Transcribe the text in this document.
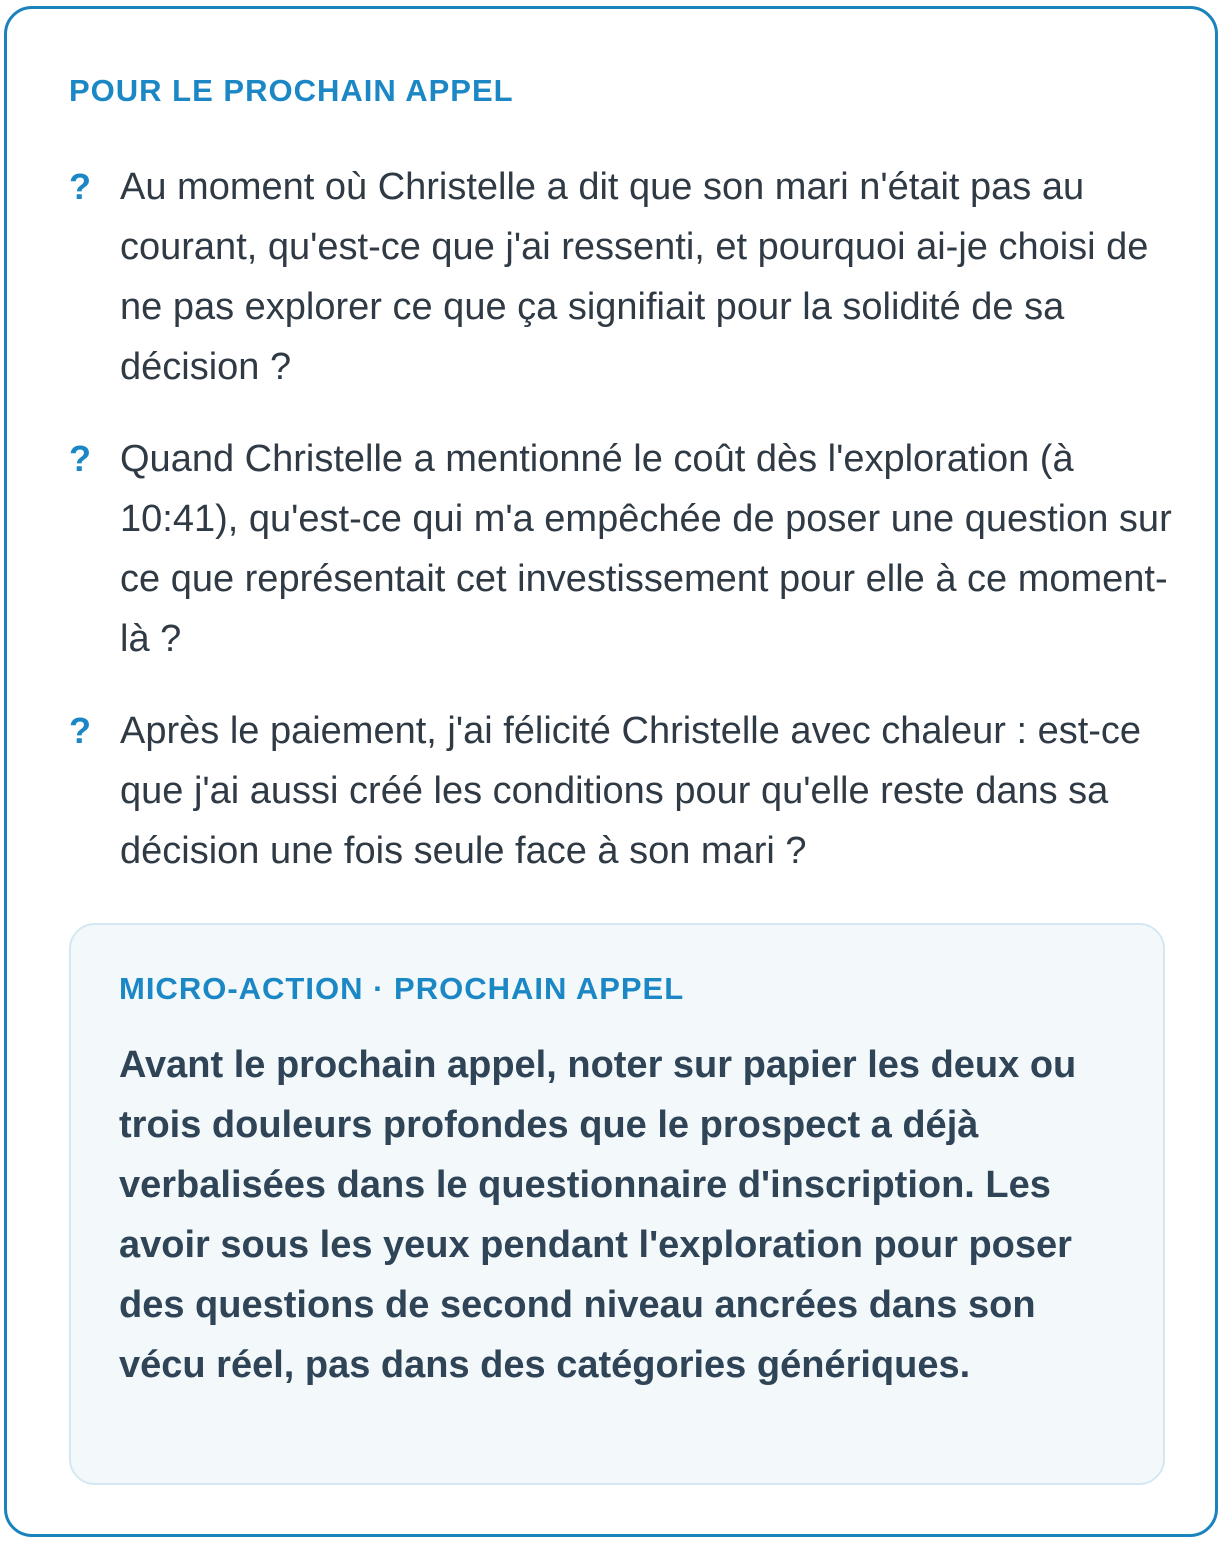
POUR LE PROCHAIN APPEL
? Au moment où Christelle a dit que son mari n'était pas au courant, qu'est-ce que j'ai ressenti, et pourquoi ai-je choisi de ne pas explorer ce que ça signifiait pour la solidité de sa décision ?
? Quand Christelle a mentionné le coût dès l'exploration (à 10:41), qu'est-ce qui m'a empêchée de poser une question sur ce que représentait cet investissement pour elle à ce moment-là ?
? Après le paiement, j'ai félicité Christelle avec chaleur : est-ce que j'ai aussi créé les conditions pour qu'elle reste dans sa décision une fois seule face à son mari ?
MICRO-ACTION · PROCHAIN APPEL

Avant le prochain appel, noter sur papier les deux ou trois douleurs profondes que le prospect a déjà verbalisées dans le questionnaire d'inscription. Les avoir sous les yeux pendant l'exploration pour poser des questions de second niveau ancrées dans son vécu réel, pas dans des catégories génériques.
